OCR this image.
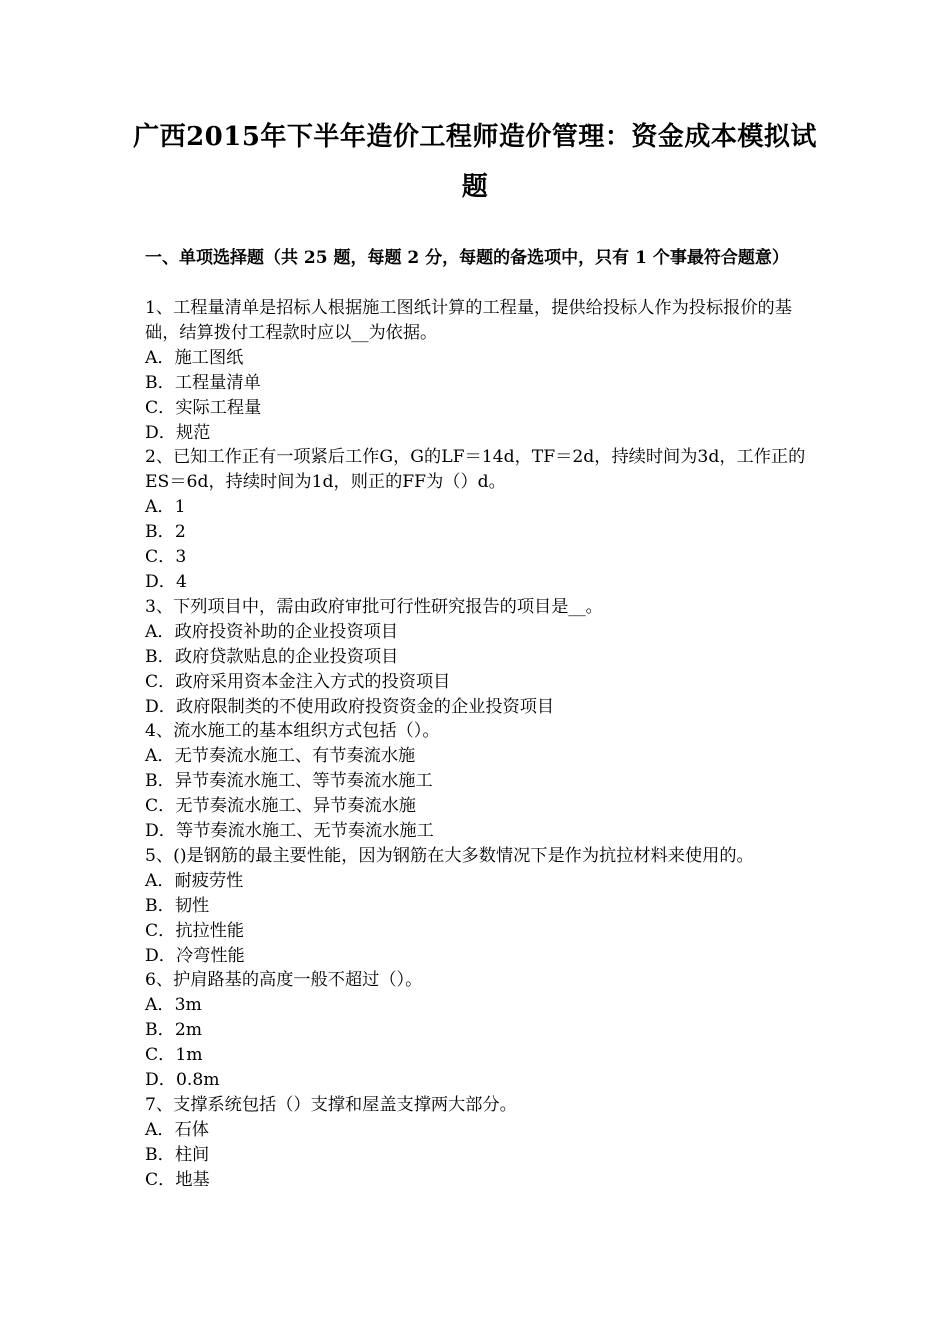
广西2015年下半年造价工程师造价管理：资金成本模拟试题
一、单项选择题（共 25 题，每题 2 分，每题的备选项中，只有 1 个事最符合题意）

1、工程量清单是招标人根据施工图纸计算的工程量，提供给投标人作为投标报价的基础，结算拨付工程款时应以__为依据。

A．施工图纸

B．工程量清单

C．实际工程量

D．规范

2、已知工作正有一项紧后工作G，G的LF＝14d，TF＝2d，持续时间为3d，工作正的ES＝6d，持续时间为1d，则正的FF为（）d。

A．1

B．2

C．3

D．4

3、下列项目中，需由政府审批可行性研究报告的项目是__。

A．政府投资补助的企业投资项目

B．政府贷款贴息的企业投资项目

C．政府采用资本金注入方式的投资项目

D．政府限制类的不使用政府投资资金的企业投资项目

4、流水施工的基本组织方式包括（）。

A．无节奏流水施工、有节奏流水施

B．异节奏流水施工、等节奏流水施工

C．无节奏流水施工、异节奏流水施

D．等节奏流水施工、无节奏流水施工

5、()是钢筋的最主要性能，因为钢筋在大多数情况下是作为抗拉材料来使用的。

A．耐疲劳性

B．韧性

C．抗拉性能

D．冷弯性能

6、护肩路基的高度一般不超过（）。

A．3m

B．2m

C．1m

D．0.8m

7、支撑系统包括（）支撑和屋盖支撑两大部分。

A．石体

B．柱间

C．地基
